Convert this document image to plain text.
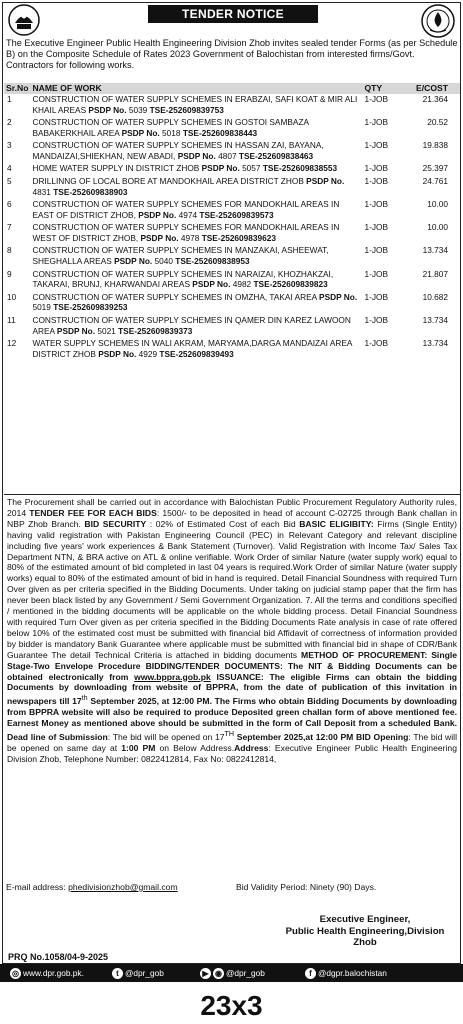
TENDER NOTICE
The Executive Engineer Public Health Engineering Division Zhob invites sealed tender Forms (as per Schedule B) on the Composite Schedule of Rates 2023 Government of Balochistan from interested firms/Govt. Contractors for following works.
Sr.No	NAME OF WORK	QTY	E/COST
1	CONSTRUCTION OF WATER SUPPLY SCHEMES IN ERABZAI, SAFI KOAT & MIR ALI KHAIL AREAS PSDP No. 5039 TSE-252609839753	1-JOB	21.364
2	CONSTRUCTION OF WATER SUPPLY SCHEMES IN GOSTOI SAMBAZA BABAKERKHAIL AREA PSDP No. 5018 TSE-252609838443	1-JOB	20.52
3	CONSTRUCTION OF WATER SUPPLY SCHEMES IN HASSAN ZAI, BAYANA, MANDAIZAI,SHIEKHAN, NEW ABADI, PSDP No. 4807 TSE-252609838463	1-JOB	19.838
4	HOME WATER SUPPLY IN DISTRICT ZHOB PSDP No. 5057 TSE-252609838553	1-JOB	25.397
5	DRILLINNG OF LOCAL BORE AT MANDOKHAIL AREA DISTRICT ZHOB PSDP No. 4831 TSE-252609838903	1-JOB	24.761
6	CONSTRUCTION OF WATER SUPPLY SCHEMES FOR MANDOKHAIL AREAS IN EAST OF DISTRICT ZHOB, PSDP No. 4974 TSE-252609839573	1-JOB	10.00
7	CONSTRUCTION OF WATER SUPPLY SCHEMES FOR MANDOKHAIL AREAS IN WEST OF DISTRICT ZHOB, PSDP No. 4978 TSE-252609839623	1-JOB	10.00
8	CONSTRUCTION OF WATER SUPPLY SCHEMES IN MANZAKAI, ASHEEWAT, SHEGHALLA AREAS PSDP No. 5040 TSE-252609838953	1-JOB	13.734
9	CONSTRUCTION OF WATER SUPPLY SCHEMES IN NARAIZAI, KHOZHAKZAI, TAKARAI, BRUNJ, KHARWANDAI AREAS PSDP No. 4982 TSE-252609839823	1-JOB	21.807
10	CONSTRUCTION OF WATER SUPPLY SCHEMES IN OMZHA, TAKAI AREA PSDP No. 5019 TSE-252609839253	1-JOB	10.682
11	CONSTRUCTION OF WATER SUPPLY SCHEMES IN QAMER DIN KAREZ LAWOON AREA PSDP No. 5021 TSE-252609839373	1-JOB	13.734
12	WATER SUPPLY SCHEMES IN WALI AKRAM, MARYAMA,DARGA MANDAIZAI AREA DISTRICT ZHOB PSDP No. 4929 TSE-252609839493	1-JOB	13.734
The Procurement shall be carried out in accordance with Balochistan Public Procurement Regulatory Authority rules, 2014 TENDER FEE FOR EACH BIDS: 1500/- to be deposited in head of account C-02725 through Bank challan in NBP Zhob Branch. BID SECURITY : 02% of Estimated Cost of each Bid BASIC ELIGIBITY: Firms (Single Entity) having valid registration with Pakistan Engineering Council (PEC) in Relevant Category and relevant discipline including five years' work experiences & Bank Statement (Turnover). Valid Registration with Income Tax/ Sales Tax Department NTN, & BRA active on ATL & online verifiable. Work Order of similar Nature (water supply work) equal to 80% of the estimated amount of bid completed in last 04 years is required.Work Order of similar Nature (water supply works) equal to 80% of the estimated amount of bid in hand is required. Detail Financial Soundness with required Turn Over given as per criteria specified in the Bidding Documents. Under taking on judicial stamp paper that the firm has never been black listed by any Government / Semi Government Organization. 7. All the terms and conditions specified / mentioned in the bidding documents will be applicable on the whole bidding process. Detail Financial Soundness with required Turn Over given as per criteria specified in the Bidding Documents Rate analysis in case of rate offered below 10% of the estimated cost must be submitted with financial bid Affidavit of correctness of information provided by bidder is mandatory Bank Guarantee where applicable must be submitted with financial bid in shape of CDR/Bank Guarantee The detail Technical Criteria is attached in bidding documents METHOD OF PROCUREMENT: Single Stage-Two Envelope Procedure BIDDING/TENDER DOCUMENTS: The NIT & Bidding Documents can be obtained electronically from www.bppra.gob.pk ISSUANCE: The eligible Firms can obtain the bidding Documents by downloading from website of BPPRA, from the date of publication of this invitation in newspapers till 17th September 2025, at 12:00 PM. The Firms who obtain Bidding Documents by downloading from BPPRA website will also be required to produce Deposited green challan form of above mentioned fee. Earnest Money as mentioned above should be submitted in the form of Call Deposit from a scheduled Bank. Dead line of Submission: The bid will be opened on 17TH September 2025,at 12:00 PM BID Opening: The bid will be opened on same day at 1:00 PM on Below Address.Address: Executive Engineer Public Health Engineering Division Zhob, Telephone Number: 0822412814, Fax No: 0822412814,
E-mail address: phedivisionzhob@gmail.com	Bid Validity Period: Ninety (90) Days.
Executive Engineer,
Public Health Engineering,Division
Zhob
PRQ No.1058/04-9-2025
◎ www.dpr.gob.pk.	t @dpr_gob	▶ ◉ @dpr_gob	f @dgpr.balochistan
23x3
